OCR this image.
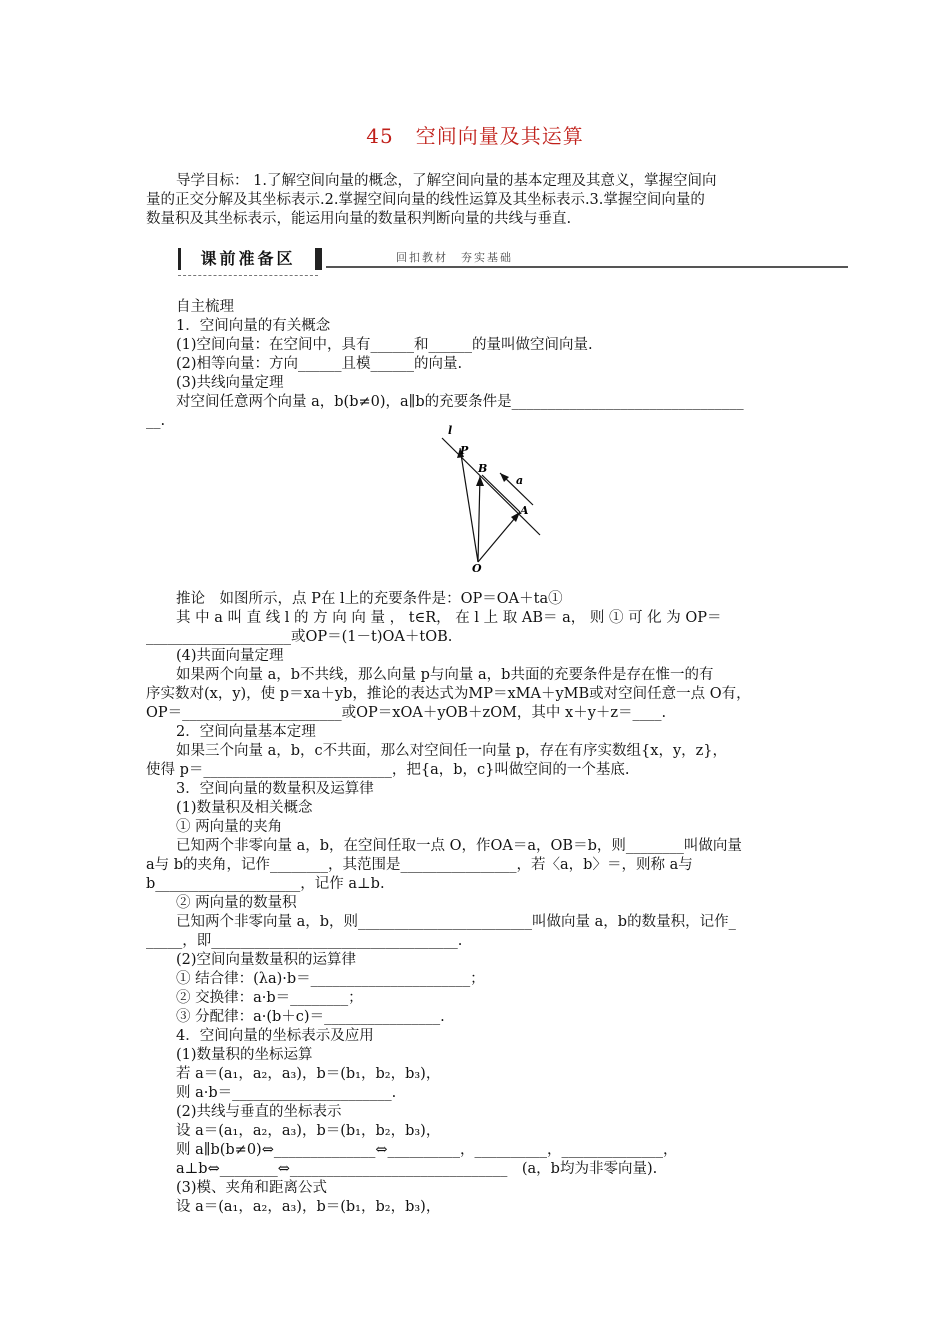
45 空间向量及其运算
导学目标： 1.了解空间向量的概念，了解空间向量的基本定理及其意义，掌握空间向
量的正交分解及其坐标表示.2.掌握空间向量的线性运算及其坐标表示.3.掌握空间向量的
数量积及其坐标表示，能运用向量的数量积判断向量的共线与垂直.
课前准备区	回扣教材　夯实基础
自主梳理
1．空间向量的有关概念
(1)空间向量：在空间中，具有______和______的量叫做空间向量.
(2)相等向量：方向______且模______的向量.
(3)共线向量定理
对空间任意两个向量 a，b(b≠0)，a∥b的充要条件是________________________________
__.
l
P
B
a
A
O
推论　如图所示，点 P在 l上的充要条件是：OP＝OA＋ta①
其 中 a 叫 直 线 l 的 方 向 向 量 ， t∈R， 在 l 上 取 AB＝ a， 则 ① 可 化 为 OP＝
____________________或OP＝(1－t)OA＋tOB.
(4)共面向量定理
如果两个向量 a，b不共线，那么向量 p与向量 a，b共面的充要条件是存在惟一的有
序实数对(x，y)，使 p＝xa＋yb，推论的表达式为MP＝xMA＋yMB或对空间任意一点 O有，
OP＝______________________或OP＝xOA＋yOB＋zOM，其中 x＋y＋z＝____.
2．空间向量基本定理
如果三个向量 a，b，c不共面，那么对空间任一向量 p，存在有序实数组{x，y，z}，
使得 p＝__________________________，把{a，b，c}叫做空间的一个基底.
3．空间向量的数量积及运算律
(1)数量积及相关概念
① 两向量的夹角
已知两个非零向量 a，b，在空间任取一点 O，作OA＝a，OB＝b，则________叫做向量
a与 b的夹角，记作________，其范围是________________，若〈a，b〉＝，则称 a与
b____________________，记作 a⊥b.
② 两向量的数量积
已知两个非零向量 a，b，则________________________叫做向量 a，b的数量积，记作_
_____，即__________________________________.
(2)空间向量数量积的运算律
① 结合律：(λa)·b＝______________________；
② 交换律：a·b＝________；
③ 分配律：a·(b＋c)＝________________.
4．空间向量的坐标表示及应用
(1)数量积的坐标运算
若 a＝(a₁，a₂，a₃)，b＝(b₁，b₂，b₃)，
则 a·b＝______________________.
(2)共线与垂直的坐标表示
设 a＝(a₁，a₂，a₃)，b＝(b₁，b₂，b₃)，
则 a∥b(b≠0)⇔______________⇔__________，__________，______________，
a⊥b⇔________⇔______________________________　(a，b均为非零向量).
(3)模、夹角和距离公式
设 a＝(a₁，a₂，a₃)，b＝(b₁，b₂，b₃)，
